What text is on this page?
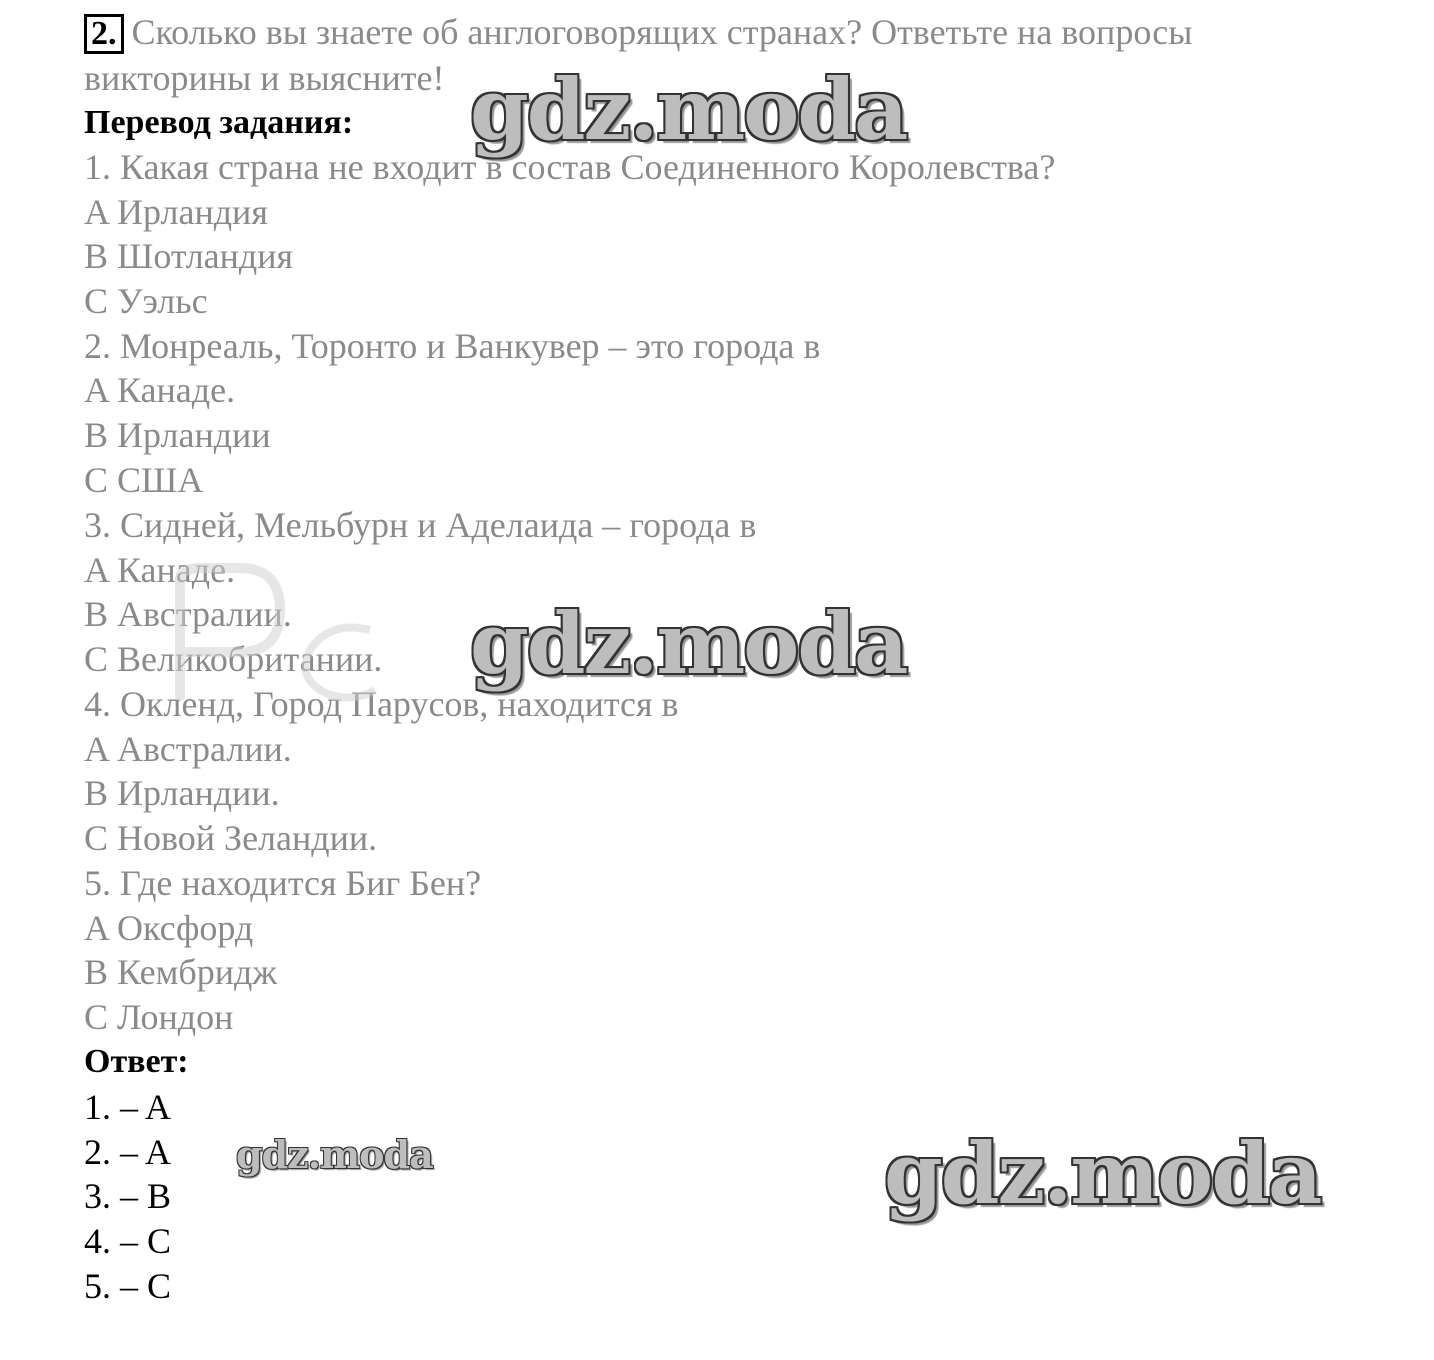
2. Сколько вы знаете об англоговорящих странах? Ответьте на вопросы
викторины и выясните!
Перевод задания:
1. Какая страна не входит в состав Соединенного Королевства?
A Ирландия
B Шотландия
C Уэльс
2. Монреаль, Торонто и Ванкувер – это города в
A Канаде.
B Ирландии
C США
3. Сидней, Мельбурн и Аделаида – города в
A Канаде.
B Австралии.
C Великобритании.
4. Окленд, Город Парусов, находится в
A Австралии.
B Ирландии.
C Новой Зеландии.
5. Где находится Биг Бен?
A Оксфорд
B Кембридж
C Лондон
Ответ:
1. – A
2. – A
3. – B
4. – C
5. – C
gdz.moda
gdz.moda
gdz.moda	gdz.moda
